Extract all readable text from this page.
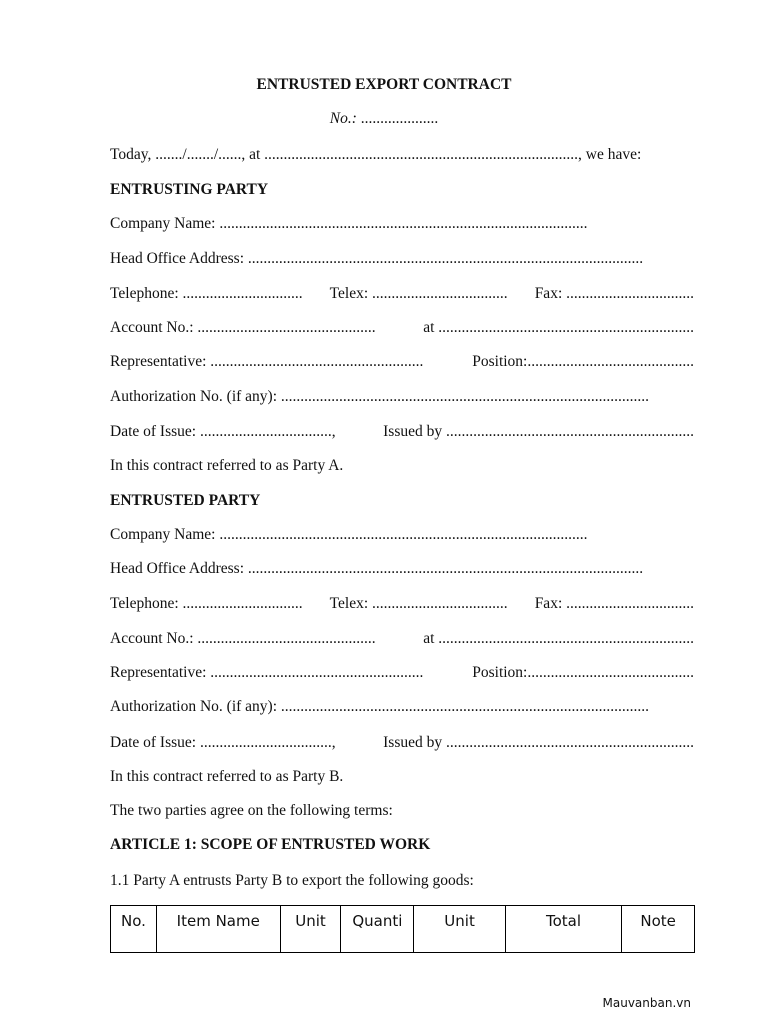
ENTRUSTED EXPORT CONTRACT
No.: ....................
Today, ......./......./......, at ................................................................................., we have:
ENTRUSTING PARTY
Company Name: ...............................................................................................
Head Office Address: ......................................................................................................
Telephone: ............................... Telex: ................................... Fax: .................................
Account No.: ..............................................	at ..................................................................
Representative: .......................................................	Position:...........................................
Authorization No. (if any): ...............................................................................................
Date of Issue: ..................................,	Issued by ................................................................
In this contract referred to as Party A.
ENTRUSTED PARTY
Company Name: ...............................................................................................
Head Office Address: ......................................................................................................
Telephone: ............................... Telex: ................................... Fax: .................................
Account No.: ..............................................	at ..................................................................
Representative: .......................................................	Position:...........................................
Authorization No. (if any): ...............................................................................................
Date of Issue: ..................................,	Issued by ................................................................
In this contract referred to as Party B.
The two parties agree on the following terms:
ARTICLE 1: SCOPE OF ENTRUSTED WORK
1.1 Party A entrusts Party B to export the following goods:
No.	Item Name	Unit	Quanti	Unit	Total	Note
Mauvanban.vn
